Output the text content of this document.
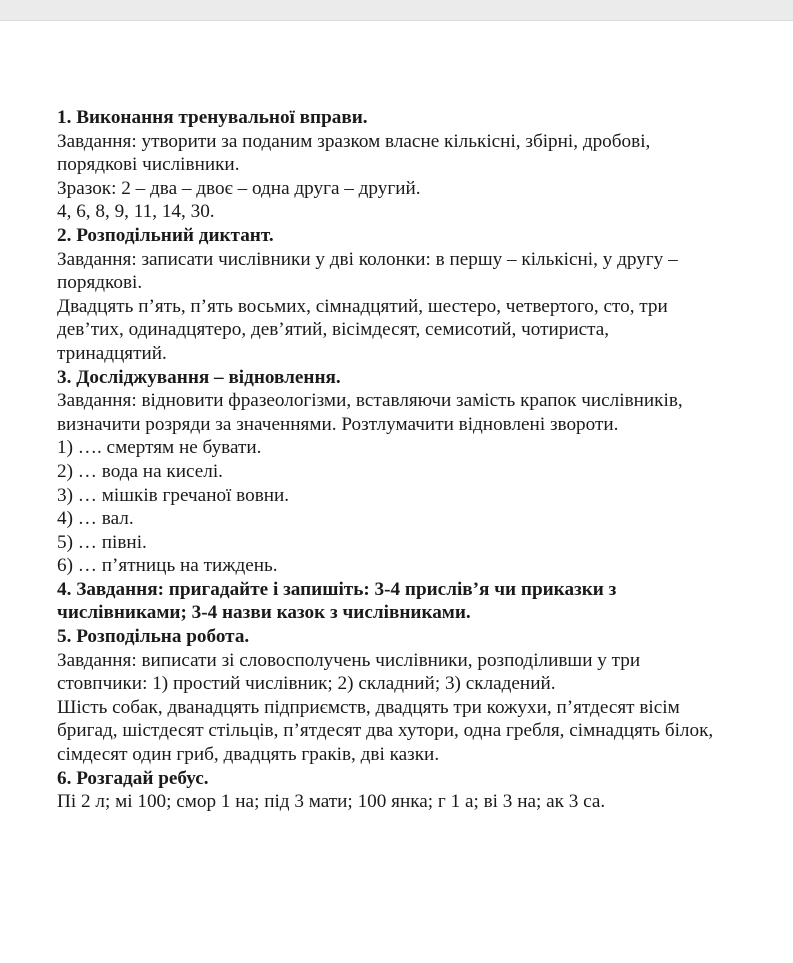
1. Виконання тренувальної вправи.
Завдання: утворити за поданим зразком власне кількісні, збірні, дробові,
порядкові числівники.
Зразок: 2 – два – двоє – одна друга – другий.
4, 6, 8, 9, 11, 14, 30.
2. Розподільний диктант.
Завдання: записати числівники у дві колонки: в першу – кількісні, у другу –
порядкові.
Двадцять п’ять, п’ять восьмих, сімнадцятий, шестеро, четвертого, сто, три
дев’тих, одинадцятеро, дев’ятий, вісімдесят, семисотий, чотириста,
тринадцятий.
3. Досліджування – відновлення.
Завдання: відновити фразеологізми, вставляючи замість крапок числівників,
визначити розряди за значеннями. Розтлумачити відновлені звороти.
1) …. смертям не бувати.
2) … вода на киселі.
3) … мішків гречаної вовни.
4) … вал.
5) … півні.
6) … п’ятниць на тиждень.
4. Завдання: пригадайте і запишіть: 3-4 прислів’я чи приказки з
числівниками; 3-4 назви казок з числівниками.
5. Розподільна робота.
Завдання: виписати зі словосполучень числівники, розподіливши у три
стовпчики: 1) простий числівник; 2) складний; 3) складений.
Шість собак, дванадцять підприємств, двадцять три кожухи, п’ятдесят вісім
бригад, шістдесят стільців, п’ятдесят два хутори, одна гребля, сімнадцять білок,
сімдесят один гриб, двадцять граків, дві казки.
6. Розгадай ребус.
Пі 2 л; мі 100; смор 1 на; під 3 мати; 100 янка; г 1 а; ві 3 на; ак 3 са.
